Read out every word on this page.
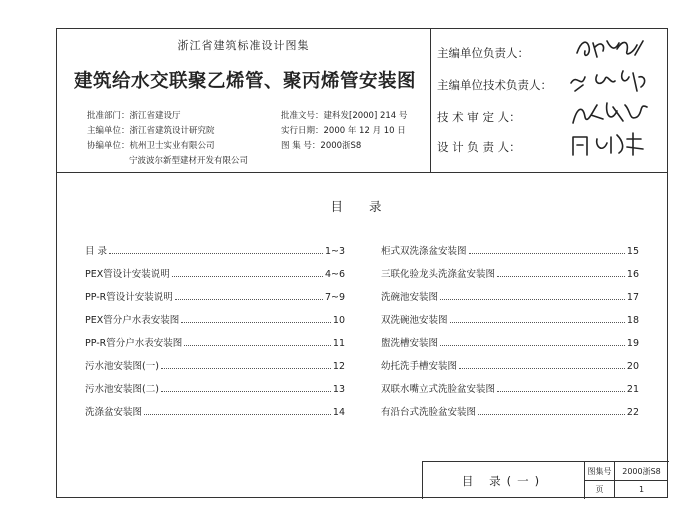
浙江省建筑标准设计图集
建筑给水交联聚乙烯管、聚丙烯管安装图
批准部门：浙江省建设厅
主编单位：浙江省建筑设计研究院
协编单位：杭州卫士实业有限公司
宁波波尔新型建材开发有限公司
批准文号：建科发[2000] 214 号
实行日期：2000 年 12 月 10 日
图 集 号：2000浙S8
主编单位负责人：
主编单位技术负责人：
技 术 审 定 人：
设 计 负 责 人：
目录
目 录	1~3
PEX管设计安装说明	4~6
PP-R管设计安装说明	7~9
PEX管分户水表安装图	10
PP-R管分户水表安装图	11
污水池安装图(一)	12
污水池安装图(二)	13
洗涤盆安装图	14
柜式双洗涤盆安装图	15
三联化验龙头洗涤盆安装图	16
洗碗池安装图	17
双洗碗池安装图	18
盥洗槽安装图	19
幼托洗手槽安装图	20
双联水嘴立式洗脸盆安装图	21
有沿台式洗脸盆安装图	22
目 录(一)
图集号	2000浙S8
页	1
